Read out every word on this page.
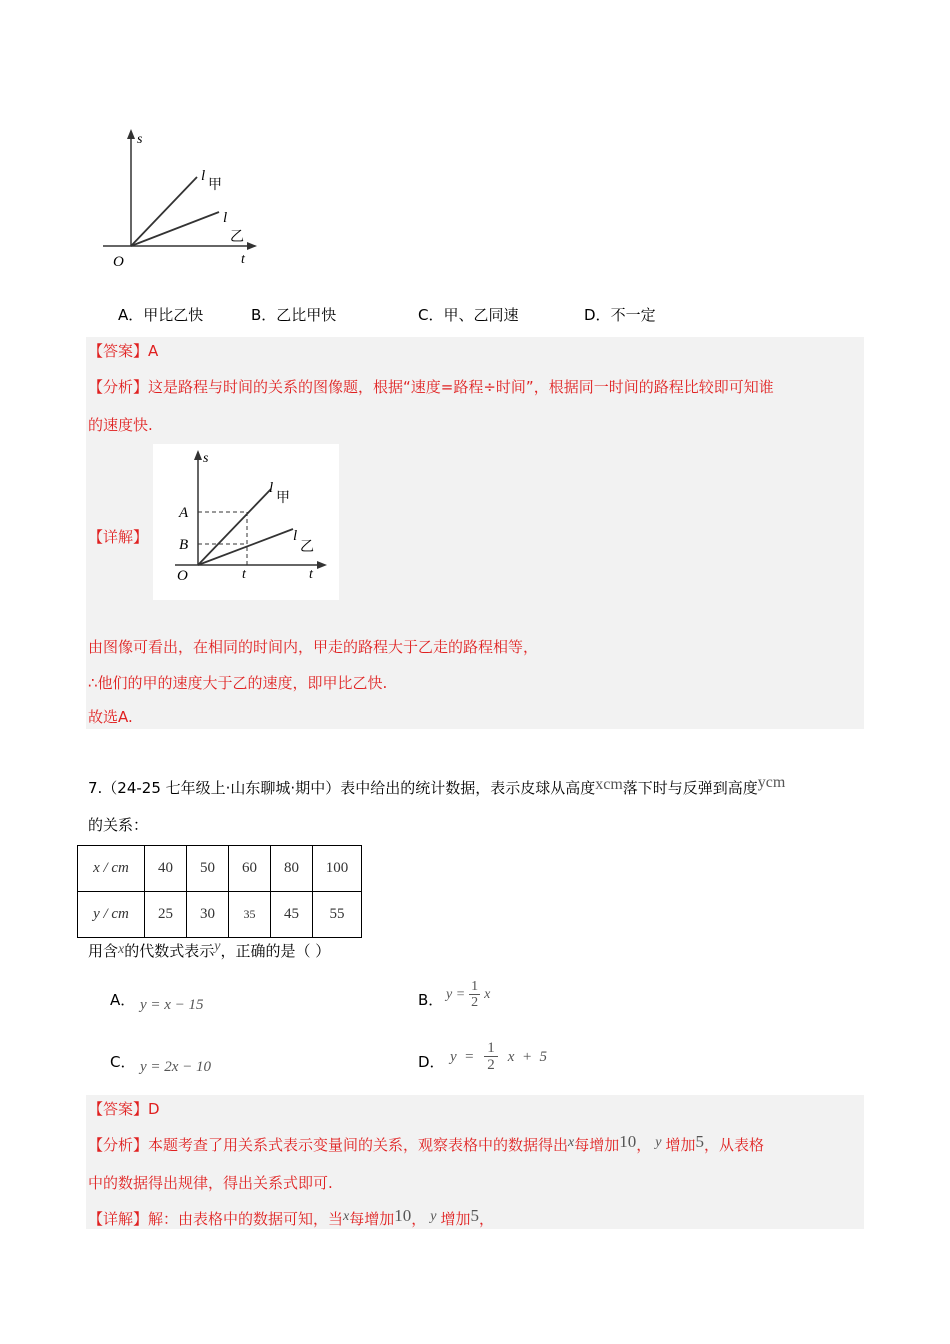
s
t
O
l
甲
l
乙
A．甲比乙快	B．乙比甲快	C．甲、乙同速	D．不一定
【答案】A
【分析】这是路程与时间的关系的图像题，根据“速度=路程÷时间”，根据同一时间的路程比较即可知谁
的速度快.
【详解】
s
t
O
A
B
t
l
甲
l
乙
由图像可看出，在相同的时间内，甲走的路程大于乙走的路程相等，
∴他们的甲的速度大于乙的速度，即甲比乙快.
故选A.
7.（24-25 七年级上·山东聊城·期中）表中给出的统计数据，表示皮球从高度xcm落下时与反弹到高度ycm
的关系：
x / cm	40	50	60	80	100
y / cm	25	30	35	45	55
用含x的代数式表示y，正确的是（ ）
A． y = x − 15	B． $y = \frac{1}{2}$ x
C． y = 2x − 10	D． $y = \frac{1}{2}$ x  +  5
【答案】D
【分析】本题考查了用关系式表示变量间的关系，观察表格中的数据得出x每增加10， y 增加5，从表格
中的数据得出规律，得出关系式即可.
【详解】解：由表格中的数据可知，当x每增加10， y 增加5，
